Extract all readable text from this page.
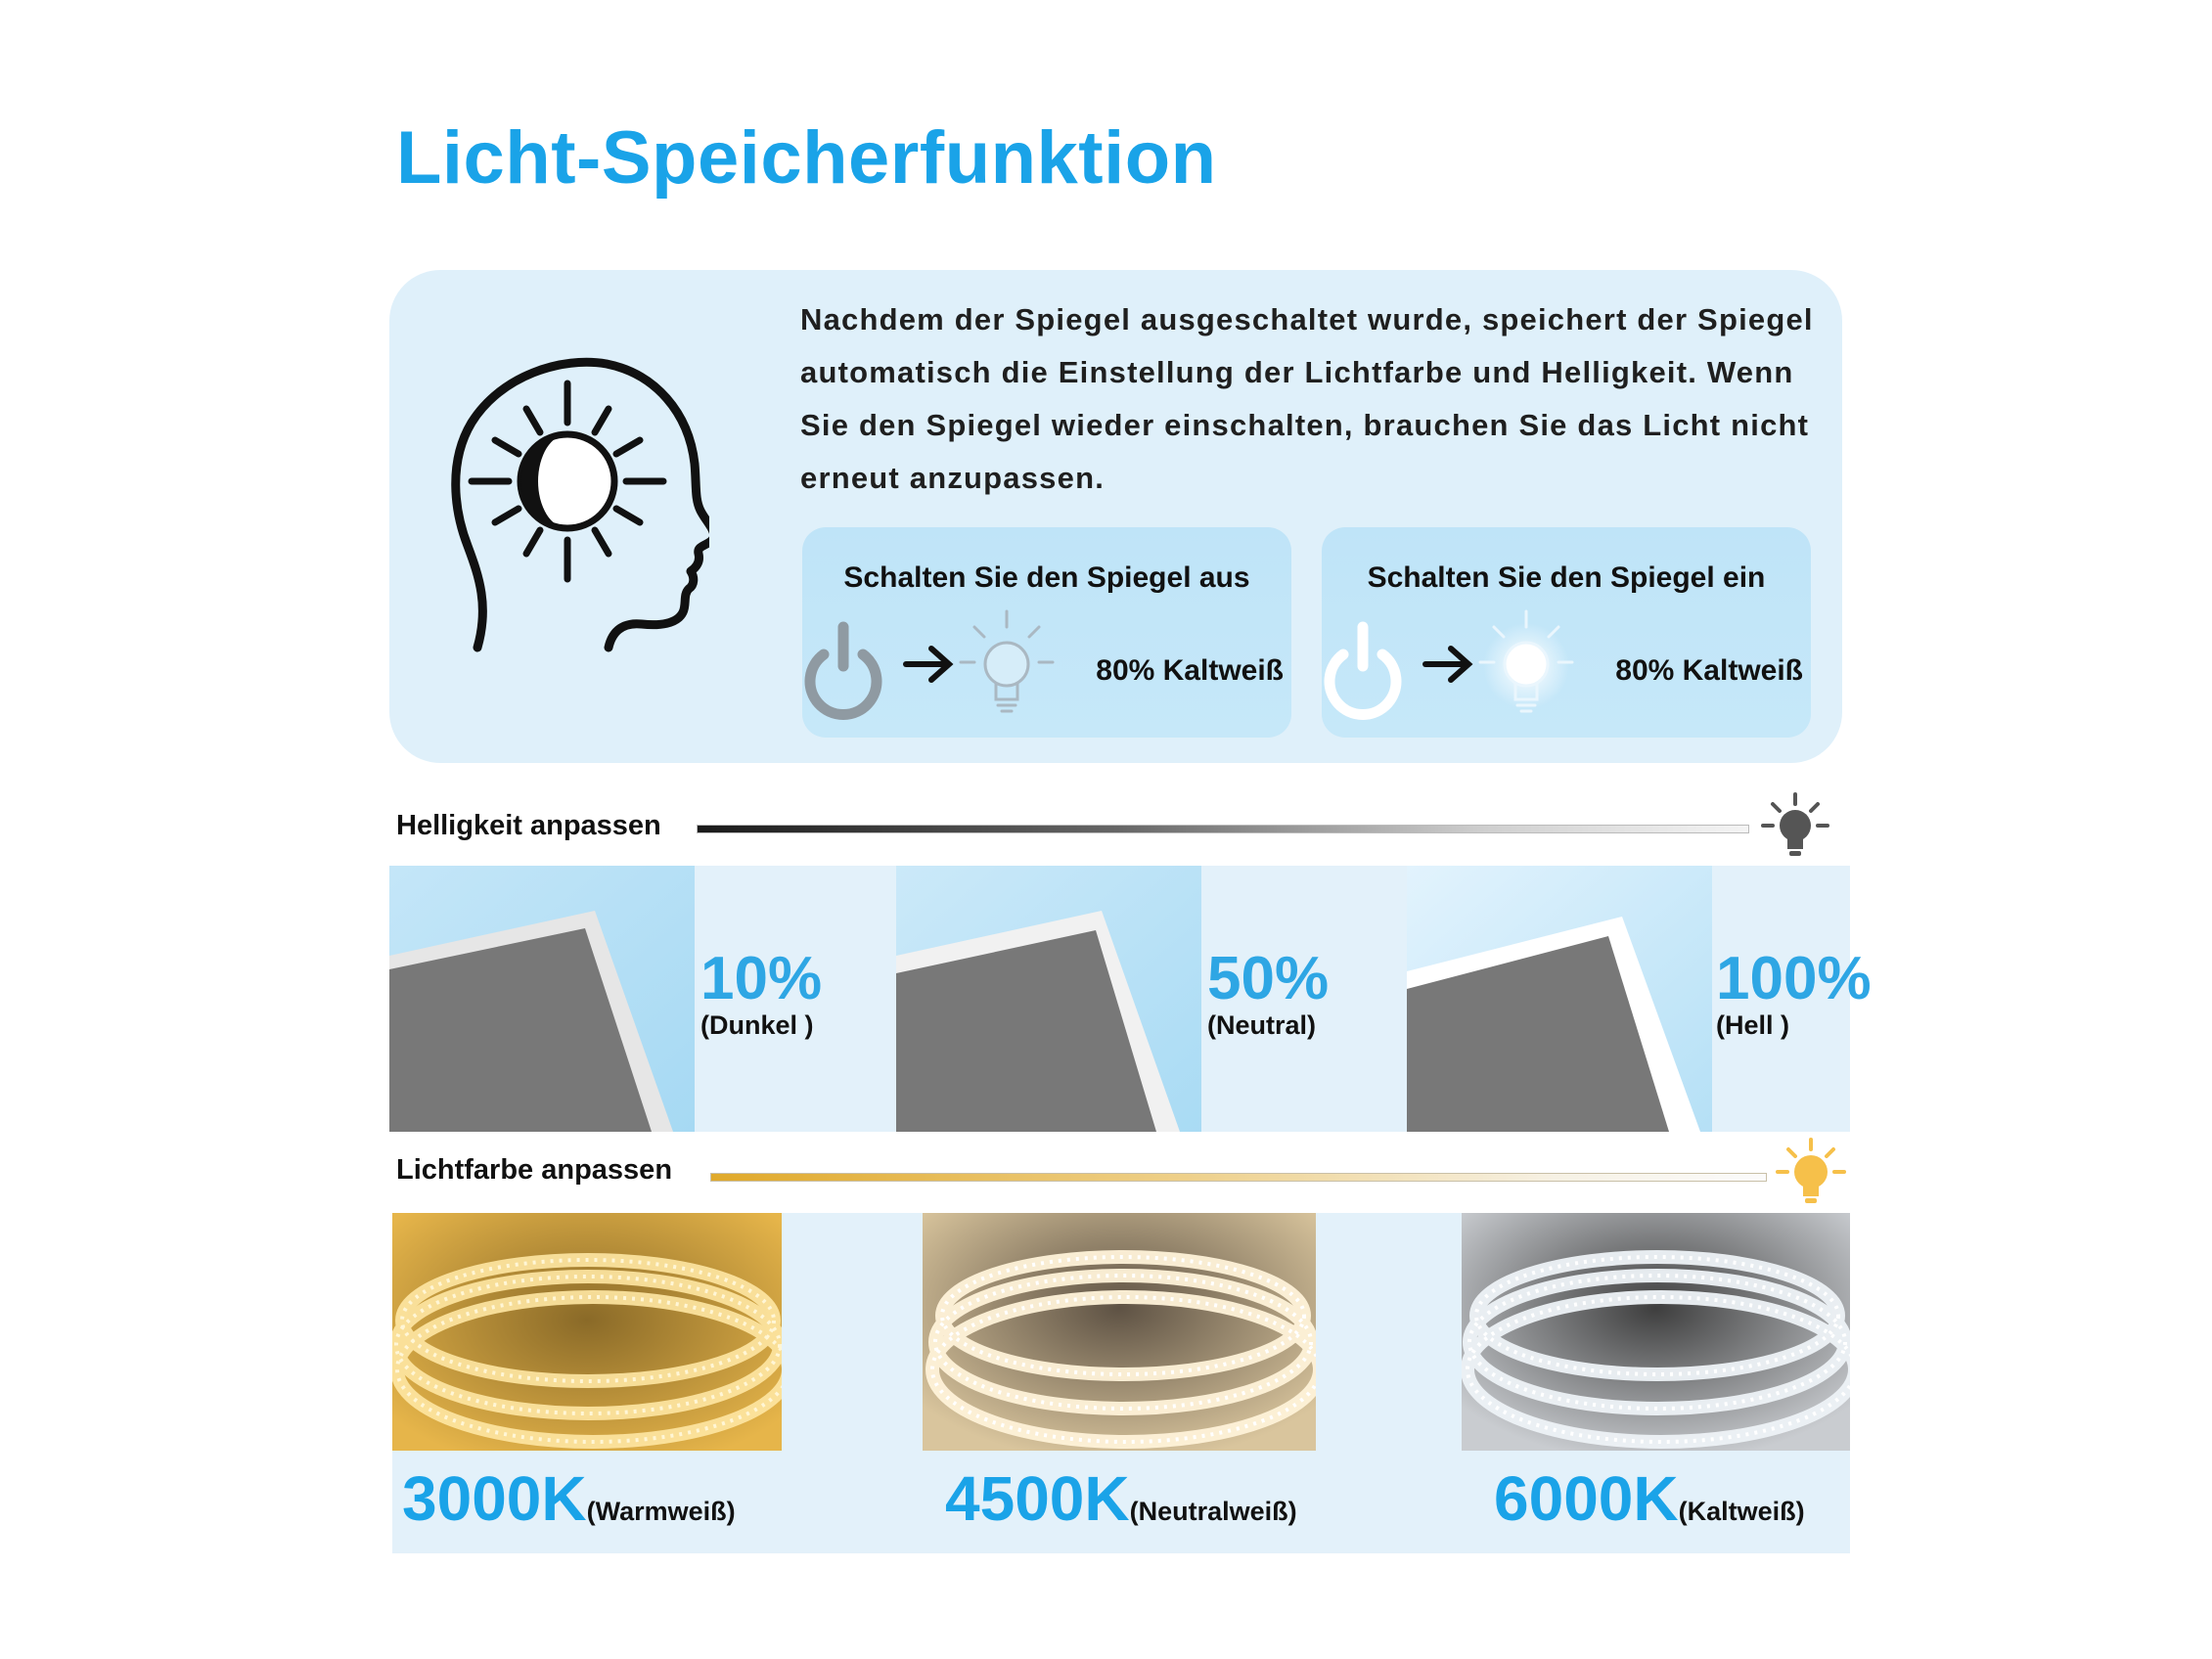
Licht-Speicherfunktion
Nachdem der Spiegel ausgeschaltet wurde, speichert der Spiegel
automatisch die Einstellung der Lichtfarbe und Helligkeit. Wenn
Sie den Spiegel wieder einschalten, brauchen Sie das Licht nicht
erneut anzupassen.
Schalten Sie den Spiegel aus
80% Kaltweiß
Schalten Sie den Spiegel ein
80% Kaltweiß
Helligkeit anpassen
10%
(Dunkel )
50%
(Neutral)
100%
(Hell )
Lichtfarbe anpassen
3000K(Warmweiß)	4500K(Neutralweiß)	6000K(Kaltweiß)
